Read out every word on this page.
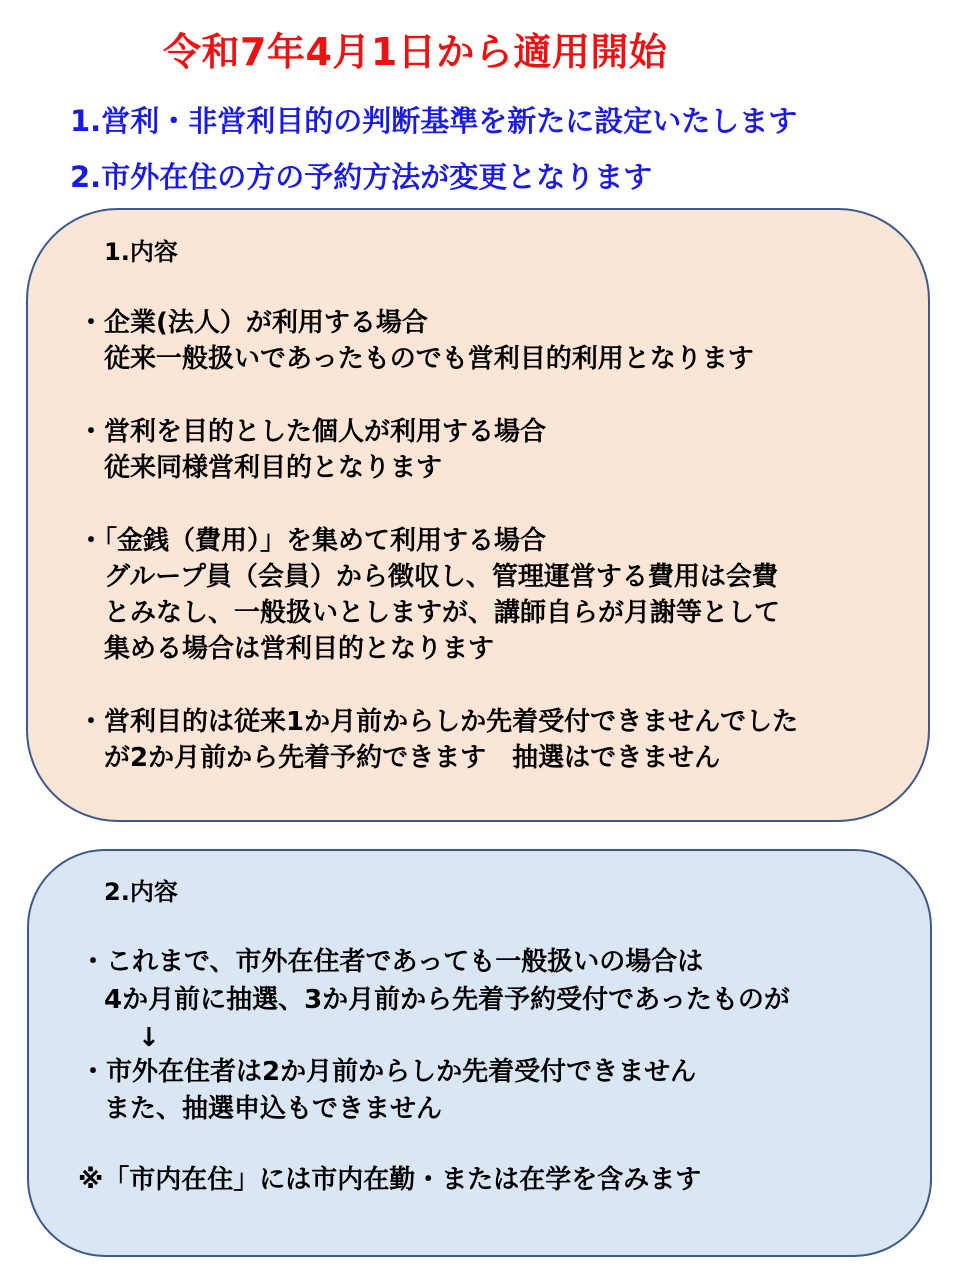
令和7年4月1日から適用開始
1.営利・非営利目的の判断基準を新たに設定いたします
2.市外在住の方の予約方法が変更となります
1.内容
・企業(法人）が利用する場合
従来一般扱いであったものでも営利目的利用となります
・営利を目的とした個人が利用する場合
従来同様営利目的となります
・「金銭（費用）」を集めて利用する場合
グループ員（会員）から徴収し、管理運営する費用は会費
とみなし、一般扱いとしますが、講師自らが月謝等として
集める場合は営利目的となります
・営利目的は従来1か月前からしか先着受付できませんでした
が2か月前から先着予約できます　抽選はできません
2.内容
・これまで、市外在住者であっても一般扱いの場合は
4か月前に抽選、3か月前から先着予約受付であったものが
↓
・市外在住者は2か月前からしか先着受付できません
また、抽選申込もできません
※「市内在住」には市内在勤・または在学を含みます
